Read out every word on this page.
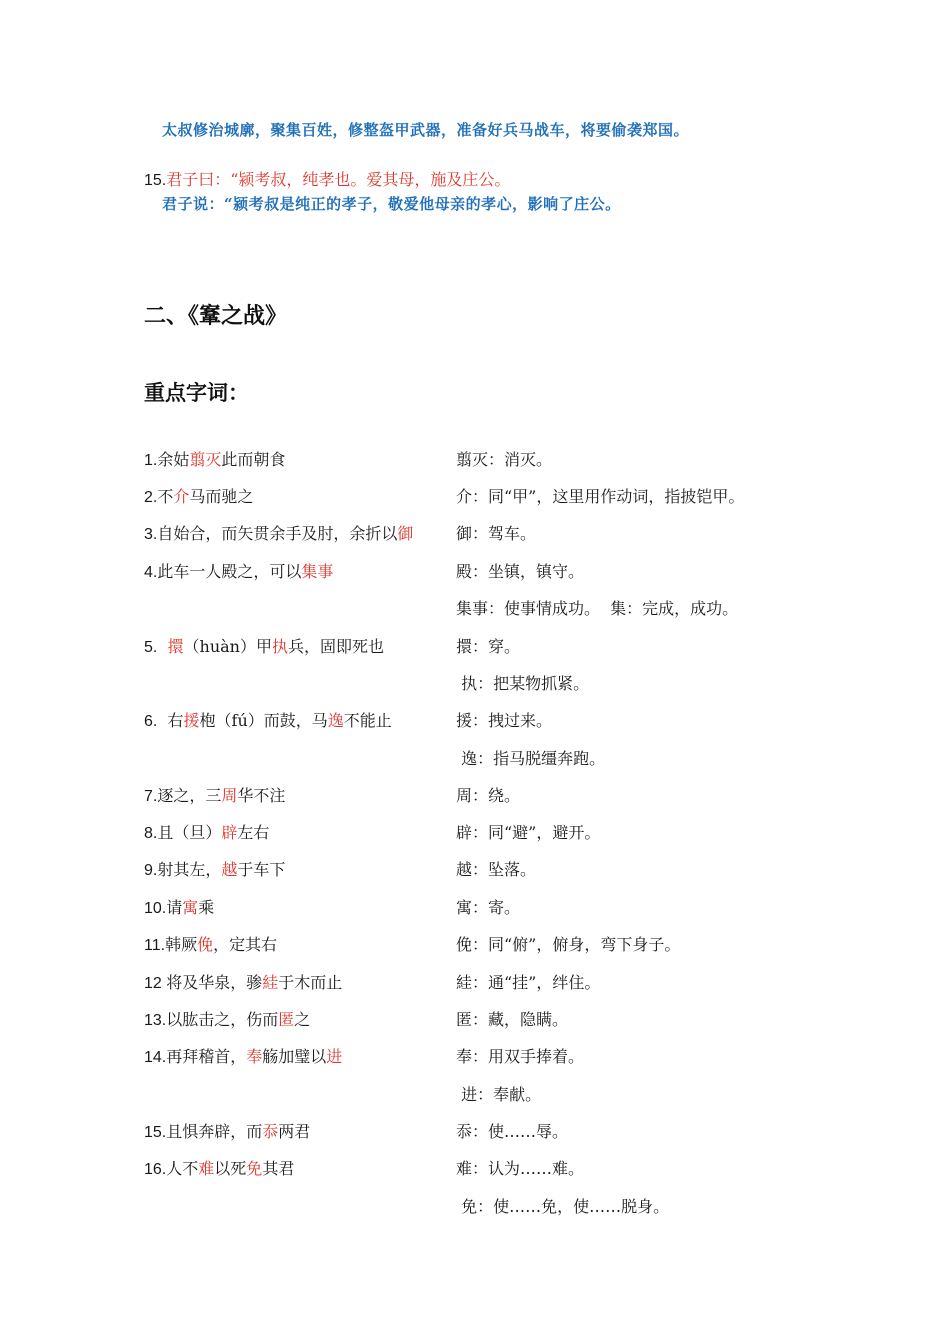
太叔修治城廓，聚集百姓，修整盔甲武器，准备好兵马战车，将要偷袭郑国。
15.君子曰：“颍考叔，纯孝也。爱其母，施及庄公。
君子说：“颍考叔是纯正的孝子，敬爱他母亲的孝心，影响了庄公。
二、《鞌之战》
重点字词：
1.余姑翦灭此而朝食
2.不介马而驰之
3.自始合，而矢贯余手及肘，余折以御
4.此车一人殿之，可以集事
5. 擐（huàn）甲执兵，固即死也
6.  右援枹（fú）而鼓，马逸不能止
7.逐之，三周华不注
8.且（旦）辟左右
9.射其左，越于车下
10.请寓乘
11.韩厥俛，定其右
12 将及华泉，骖絓于木而止
13.以肱击之，伤而匿之
14.再拜稽首，奉觞加璧以进
15.且惧奔辟，而忝两君
16.人不难以死免其君
翦灭：消灭。
介：同“甲”，这里用作动词，指披铠甲。
御：驾车。
殿：坐镇，镇守。
集事：使事情成功。  集：完成，成功。
擐：穿。
执：把某物抓紧。
援：拽过来。
逸：指马脱缰奔跑。
周：绕。
辟：同“避”，避开。
越：坠落。
寓：寄。
俛：同“俯”，俯身，弯下身子。
絓：通“挂”，绊住。
匿：藏，隐瞒。
奉：用双手捧着。
进：奉献。
忝：使……辱。
难：认为……难。
免：使……免，使……脱身。
